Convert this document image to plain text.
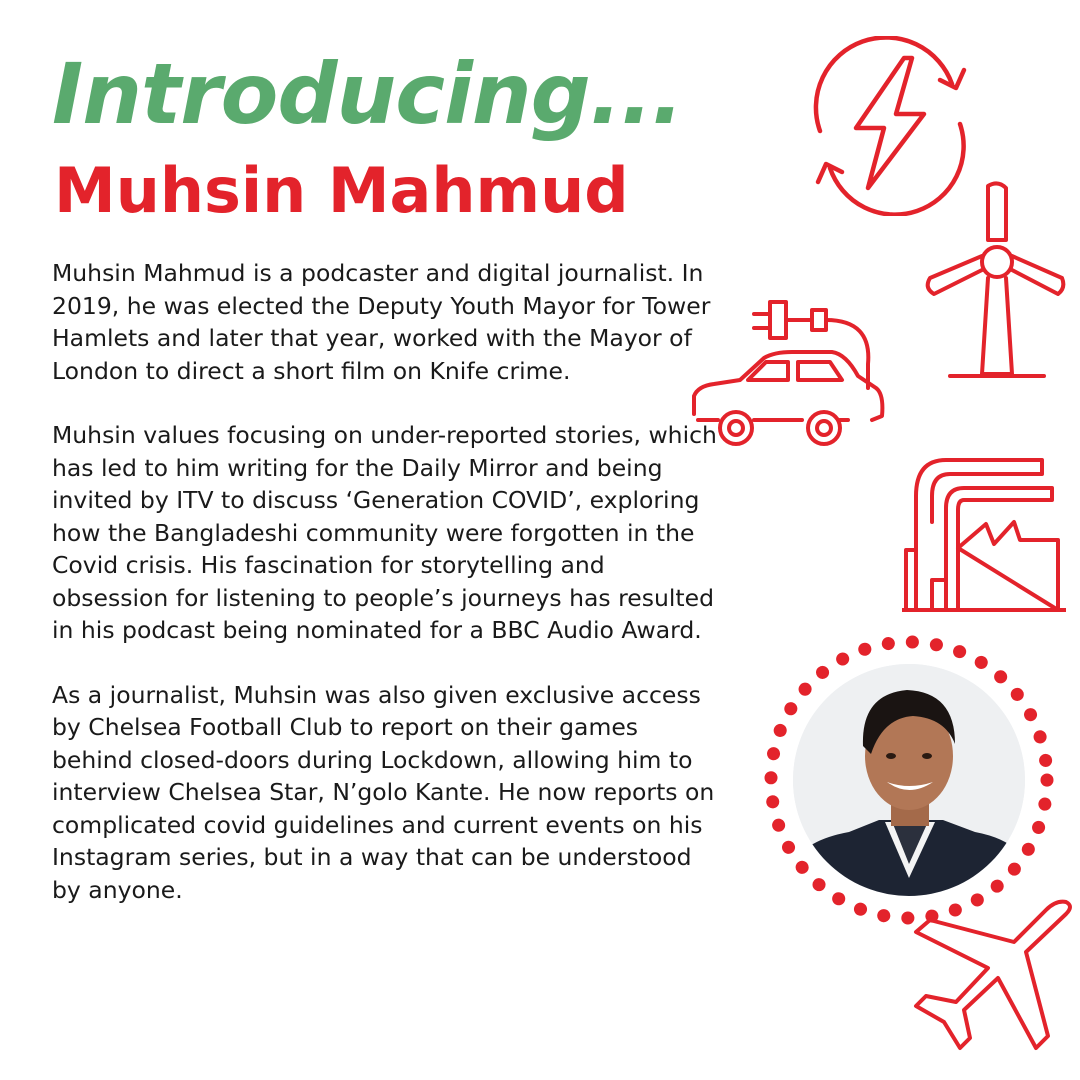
Introducing...
Muhsin Mahmud

Muhsin Mahmud is a podcaster and digital journalist. In 2019, he was elected the Deputy Youth Mayor for Tower Hamlets and later that year, worked with the Mayor of London to direct a short film on Knife crime.

Muhsin values focusing on under-reported stories, which has led to him writing for the Daily Mirror and being invited by ITV to discuss ‘Generation COVID’, exploring how the Bangladeshi community were forgotten in the Covid crisis. His fascination for storytelling and obsession for listening to people’s journeys has resulted in his podcast being nominated for a BBC Audio Award.

As a journalist, Muhsin was also given exclusive access by Chelsea Football Club to report on their games behind closed-doors during Lockdown, allowing him to interview Chelsea Star, N’golo Kante. He now reports on complicated covid guidelines and current events on his Instagram series, but in a way that can be understood by anyone.
